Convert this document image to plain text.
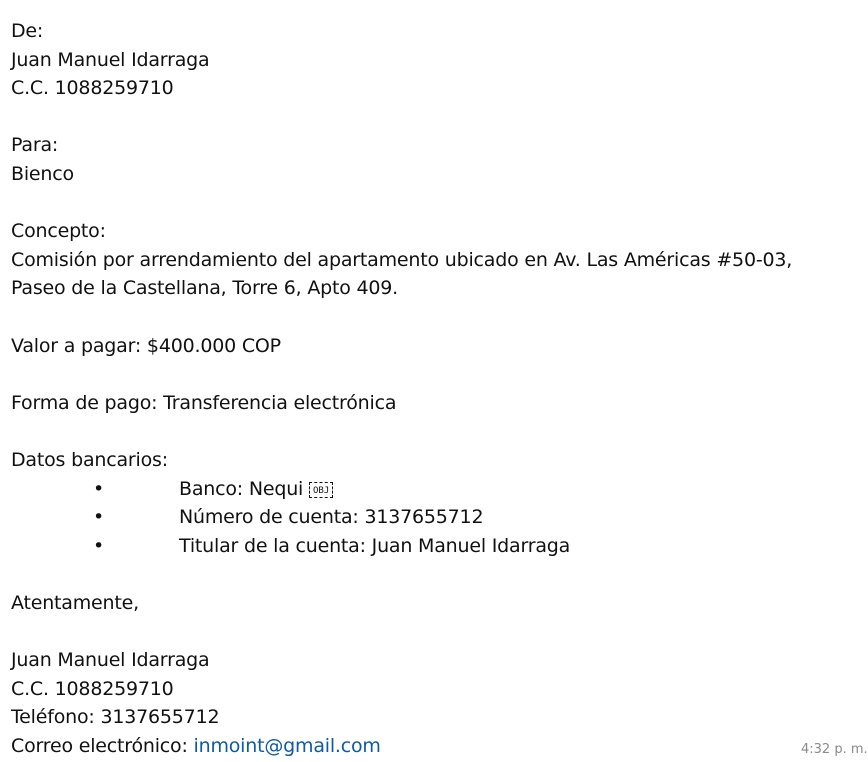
De:
Juan Manuel Idarraga
C.C. 1088259710
Para:
Bienco
Concepto:
Comisión por arrendamiento del apartamento ubicado en Av. Las Américas #50-03, Paseo de la Castellana, Torre 6, Apto 409.
Valor a pagar: $400.000 COP
Forma de pago: Transferencia electrónica
Datos bancarios:
•	Banco: Nequi OBJ
•	Número de cuenta: 3137655712
•	Titular de la cuenta: Juan Manuel Idarraga
Atentamente,
Juan Manuel Idarraga
C.C. 1088259710
Teléfono: 3137655712
Correo electrónico: inmoint@gmail.com	4:32 p. m.
